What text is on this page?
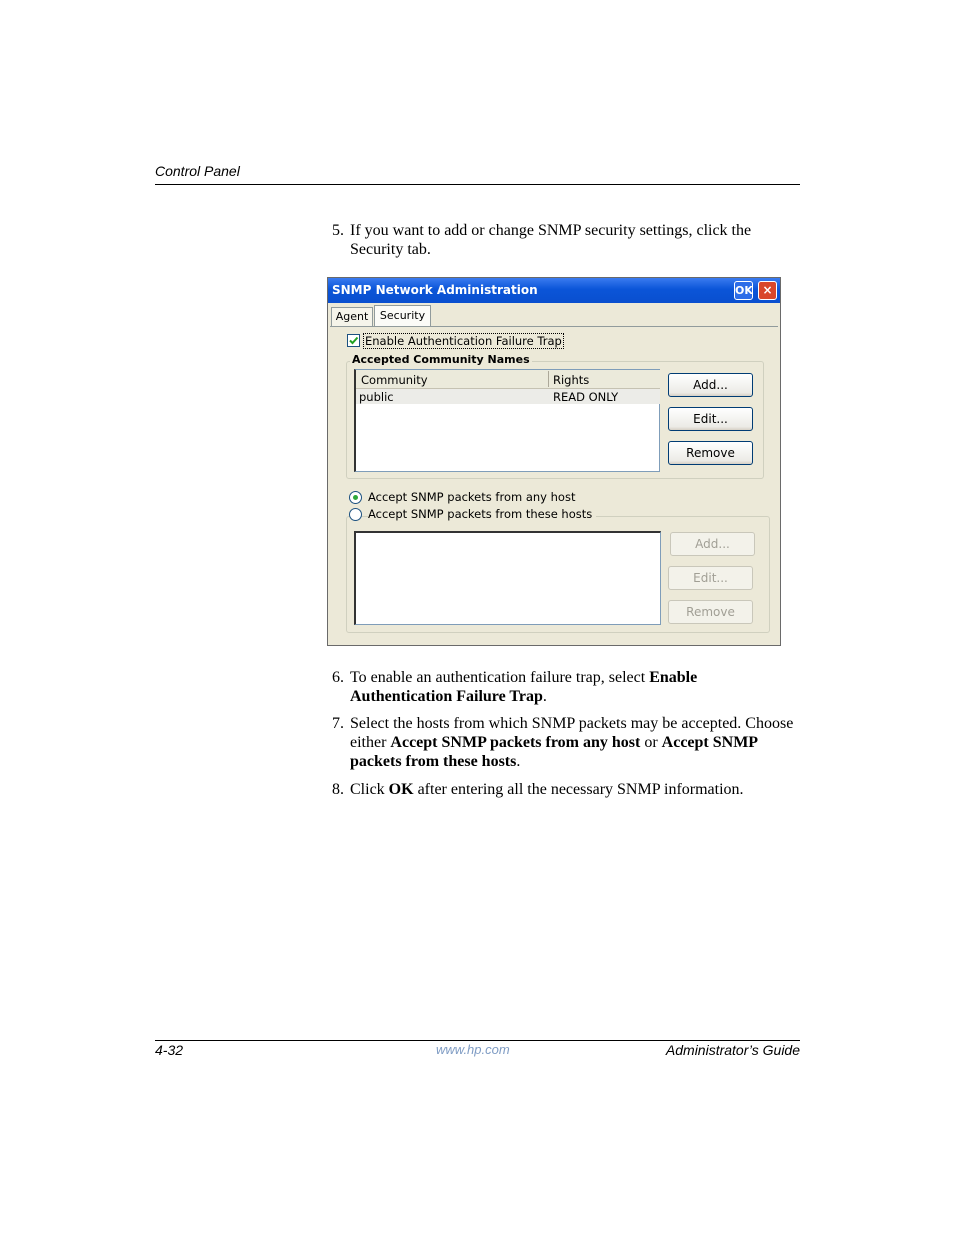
Control Panel
5. If you want to add or change SNMP security settings, click the Security tab.
SNMP Network Administration	OK ×
Agent	Security
Enable Authentication Failure Trap
Accepted Community Names
Community	Rights
public	READ ONLY
Add...
Edit...
Remove
Accept SNMP packets from any host
Accept SNMP packets from these hosts
Add...
Edit...
Remove
6. To enable an authentication failure trap, select Enable Authentication Failure Trap.
7. Select the hosts from which SNMP packets may be accepted. Choose either Accept SNMP packets from any host or Accept SNMP packets from these hosts.
8. Click OK after entering all the necessary SNMP information.
4-32	www.hp.com	Administrator’s Guide
